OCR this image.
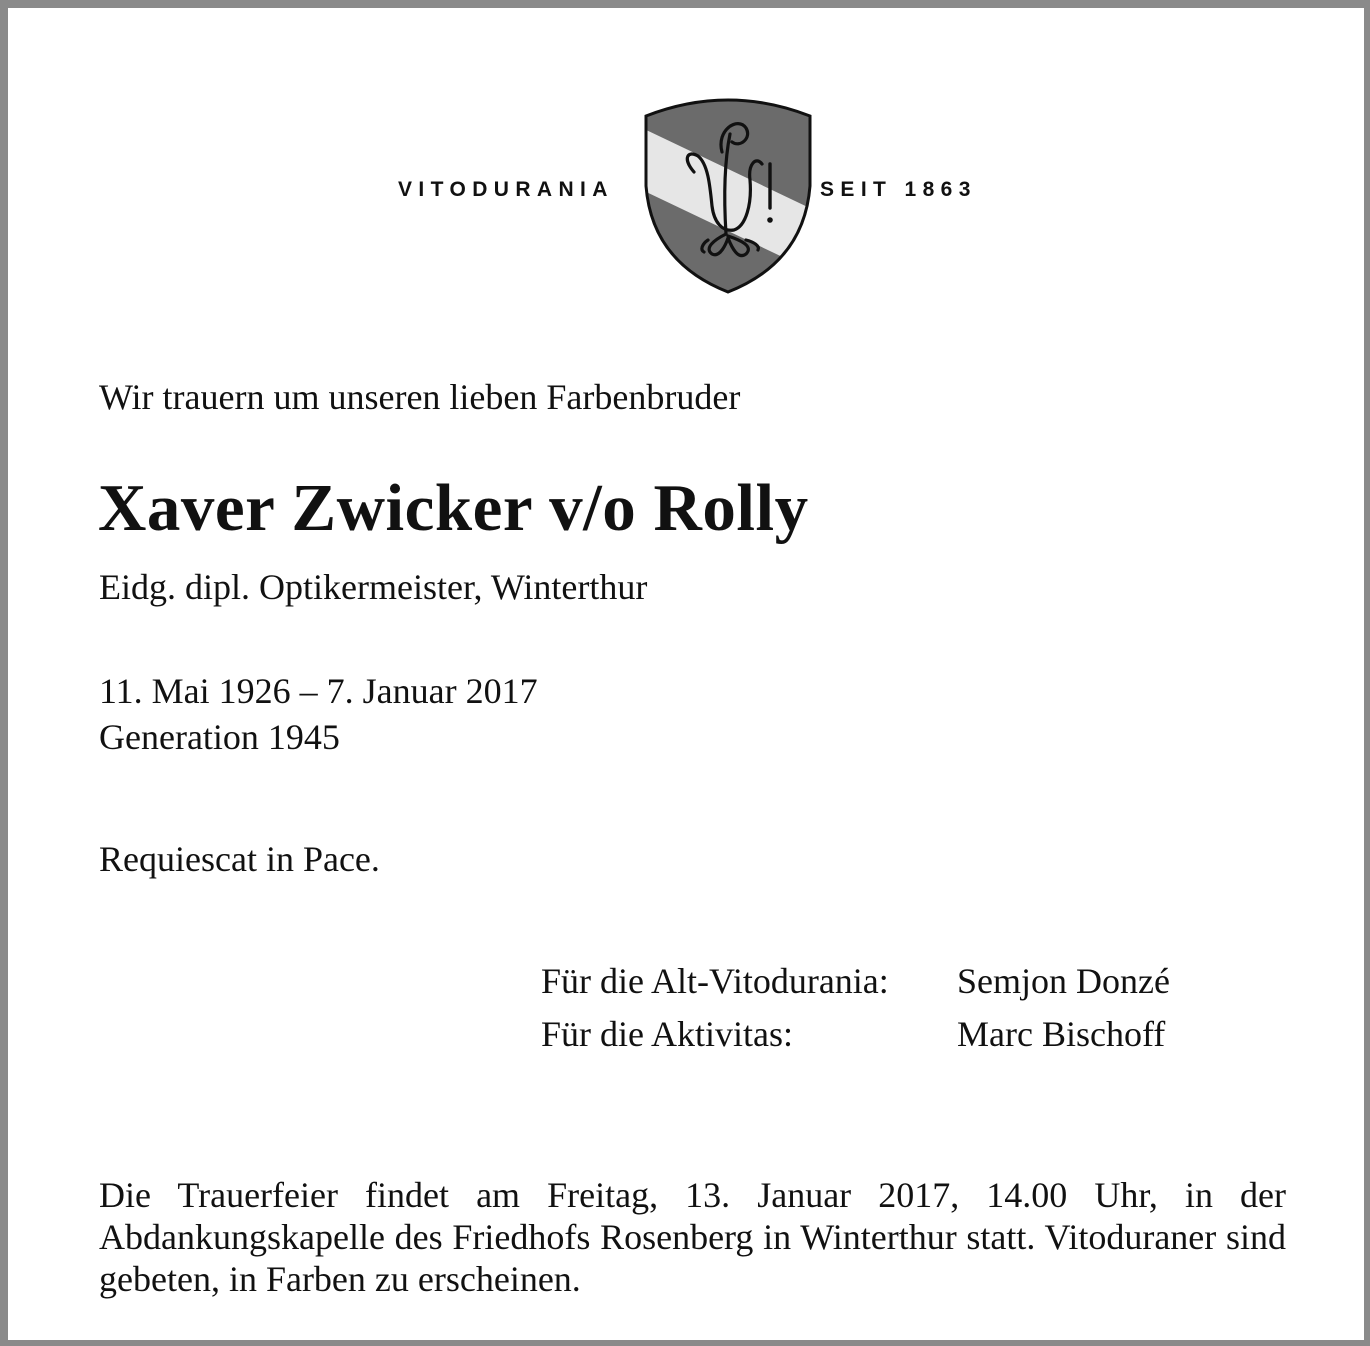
VITODURANIA	SEIT 1863
Wir trauern um unseren lieben Farbenbruder
Xaver Zwicker v/o Rolly
Eidg. dipl. Optikermeister, Winterthur
11. Mai 1926 – 7. Januar 2017
Generation 1945
Requiescat in Pace.
Für die Alt-Vitodurania: Semjon Donzé
Für die Aktivitas:	Marc Bischoff
Die Trauerfeier findet am Freitag, 13. Januar 2017, 14.00 Uhr, in der Abdankungskapelle des Friedhofs Rosenberg in Winterthur statt. Vitoduraner sind gebeten, in Farben zu erscheinen.
